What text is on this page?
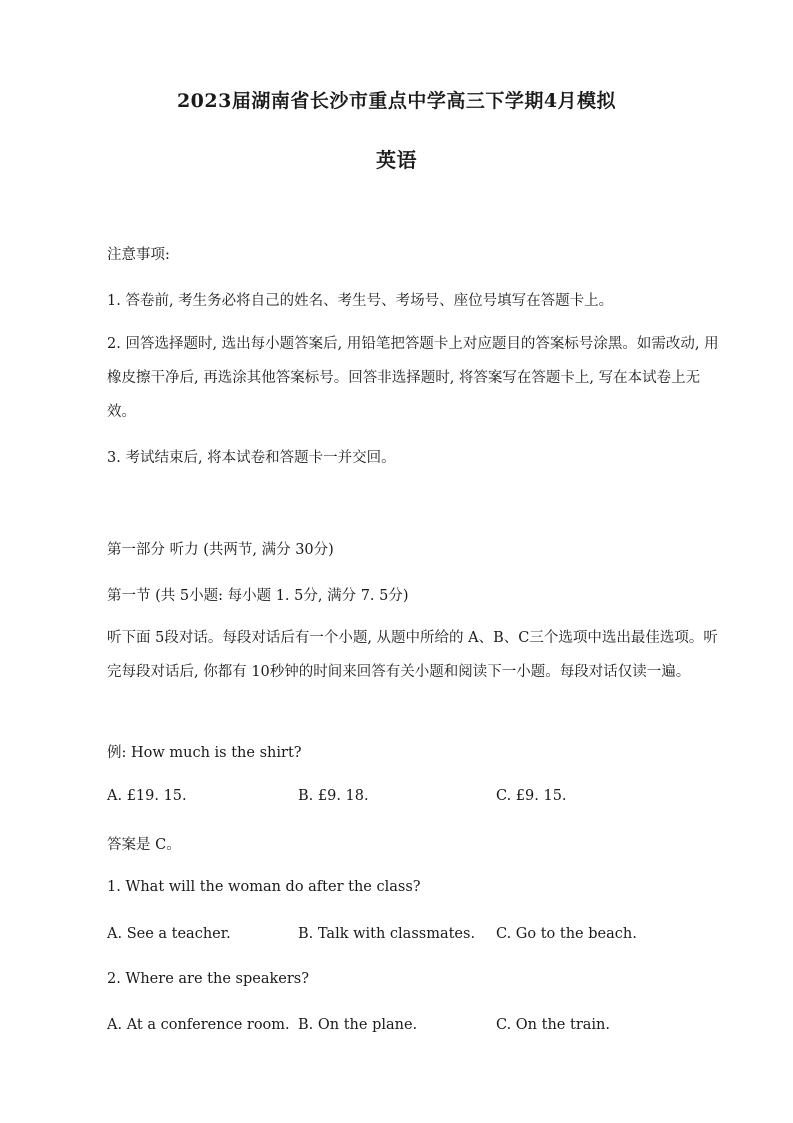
2023届湖南省长沙市重点中学高三下学期4月模拟
英语
注意事项:
1. 答卷前, 考生务必将自己的姓名、考生号、考场号、座位号填写在答题卡上。
2. 回答选择题时, 选出每小题答案后, 用铅笔把答题卡上对应题目的答案标号涂黑。如需改动, 用橡皮擦干净后, 再选涂其他答案标号。回答非选择题时, 将答案写在答题卡上, 写在本试卷上无效。
3. 考试结束后, 将本试卷和答题卡一并交回。
第一部分 听力 (共两节, 满分 30分)
第一节 (共 5小题: 每小题 1. 5分, 满分 7. 5分)
听下面 5段对话。每段对话后有一个小题, 从题中所给的 A、B、C三个选项中选出最佳选项。听完每段对话后, 你都有 10秒钟的时间来回答有关小题和阅读下一小题。每段对话仅读一遍。
例: How much is the shirt?
A. £19. 15.	B. £9. 18.	C. £9. 15.
答案是 C。
1. What will the woman do after the class?
A. See a teacher.	B. Talk with classmates. C. Go to the beach.
2. Where are the speakers?
A. At a conference room. B. On the plane.	C. On the train.
